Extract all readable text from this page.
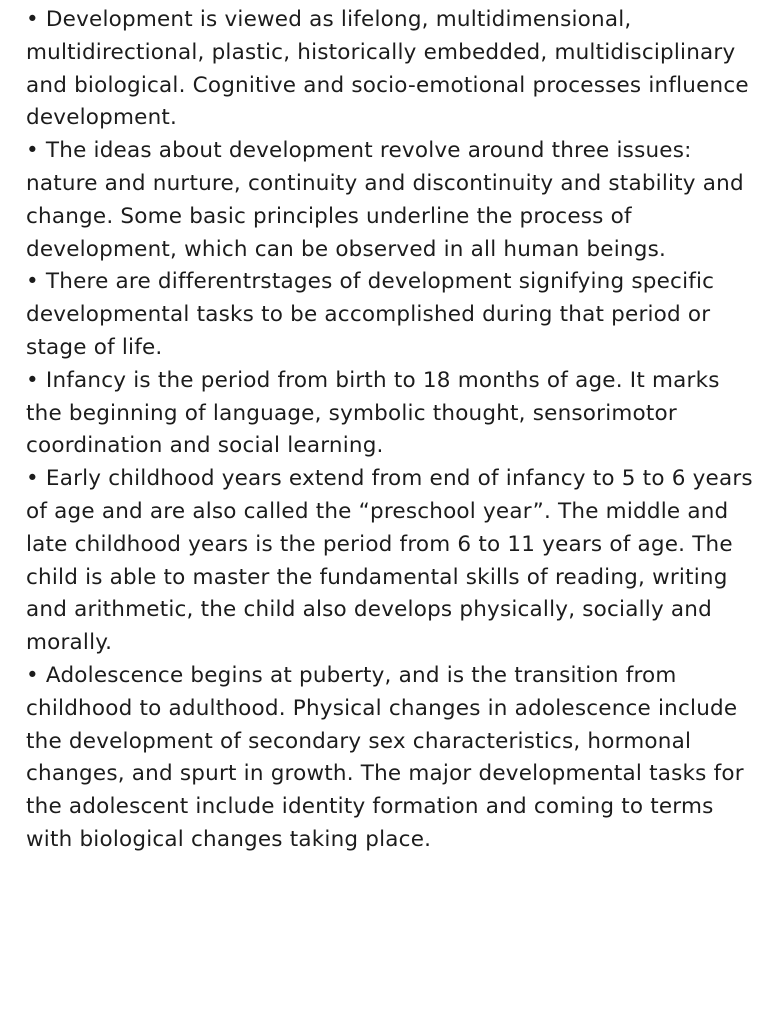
• Development is viewed as lifelong, multidimensional, multidirectional, plastic, historically embedded, multidisciplinary and biological. Cognitive and socio-emotional processes influence development.

• The ideas about development revolve around three issues: nature and nurture, continuity and discontinuity and stability and change. Some basic principles underline the process of development, which can be observed in all human beings.

• There are differentrstages of development signifying specific developmental tasks to be accomplished during that period or stage of life.

• Infancy is the period from birth to 18 months of age. It marks the beginning of language, symbolic thought, sensorimotor coordination and social learning.

• Early childhood years extend from end of infancy to 5 to 6 years of age and are also called the “preschool year”. The middle and late childhood years is the period from 6 to 11 years of age. The child is able to master the fundamental skills of reading, writing and arithmetic, the child also develops physically, socially and morally.

• Adolescence begins at puberty, and is the transition from childhood to adulthood. Physical changes in adolescence include the development of secondary sex characteristics, hormonal changes, and spurt in growth. The major developmental tasks for the adolescent include identity formation and coming to terms with biological changes taking place.
